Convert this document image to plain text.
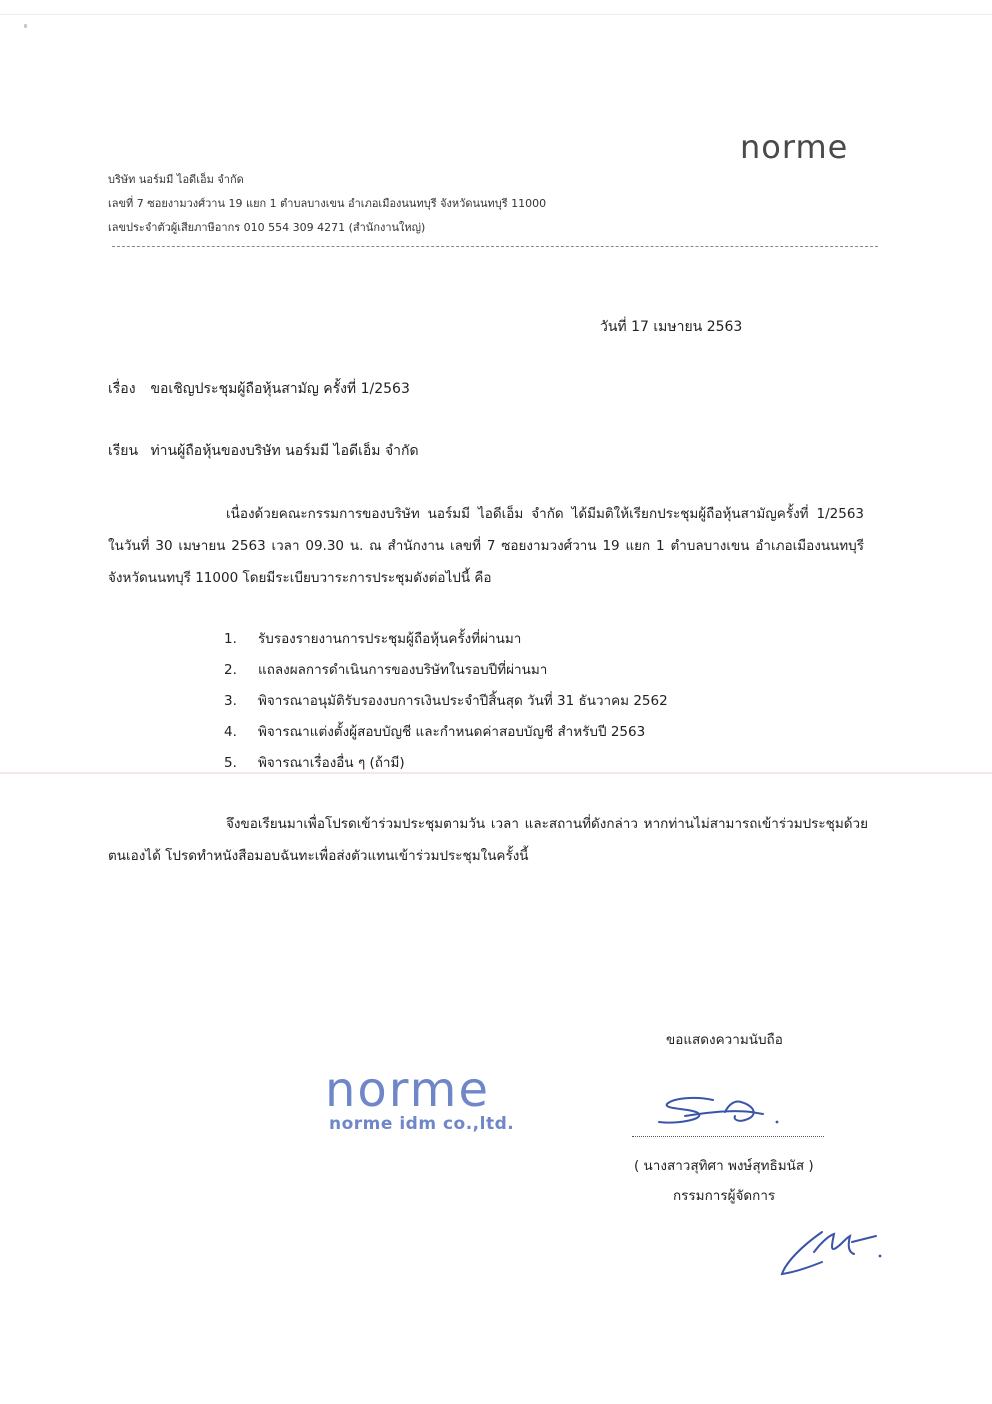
norme
บริษัท นอร์มมี ไอดีเอ็ม จำกัด
เลขที่ 7 ซอยงามวงศ์วาน 19 แยก 1 ตำบลบางเขน อำเภอเมืองนนทบุรี จังหวัดนนทบุรี 11000
เลขประจำตัวผู้เสียภาษีอากร 010 554 309 4271 (สำนักงานใหญ่)
วันที่ 17 เมษายน 2563
เรื่อง ขอเชิญประชุมผู้ถือหุ้นสามัญ ครั้งที่ 1/2563
เรียน ท่านผู้ถือหุ้นของบริษัท นอร์มมี ไอดีเอ็ม จำกัด
เนื่องด้วยคณะกรรมการของบริษัท นอร์มมี ไอดีเอ็ม จำกัด ได้มีมติให้เรียกประชุมผู้ถือหุ้นสามัญครั้งที่ 1/2563 ในวันที่ 30 เมษายน 2563 เวลา 09.30 น. ณ สำนักงาน เลขที่ 7 ซอยงามวงศ์วาน 19 แยก 1 ตำบลบางเขน อำเภอเมืองนนทบุรี จังหวัดนนทบุรี 11000 โดยมีระเบียบวาระการประชุมดังต่อไปนี้ คือ
1. รับรองรายงานการประชุมผู้ถือหุ้นครั้งที่ผ่านมา
2. แถลงผลการดำเนินการของบริษัทในรอบปีที่ผ่านมา
3. พิจารณาอนุมัติรับรองงบการเงินประจำปีสิ้นสุด วันที่ 31 ธันวาคม 2562
4. พิจารณาแต่งตั้งผู้สอบบัญชี และกำหนดค่าสอบบัญชี สำหรับปี 2563
5. พิจารณาเรื่องอื่น ๆ (ถ้ามี)
จึงขอเรียนมาเพื่อโปรดเข้าร่วมประชุมตามวัน เวลา และสถานที่ดังกล่าว หากท่านไม่สามารถเข้าร่วมประชุมด้วยตนเองได้ โปรดทำหนังสือมอบฉันทะเพื่อส่งตัวแทนเข้าร่วมประชุมในครั้งนี้
ขอแสดงความนับถือ
norme
norme idm co.,ltd.
( นางสาวสุทิศา พงษ์สุทธิมนัส )
กรรมการผู้จัดการ
